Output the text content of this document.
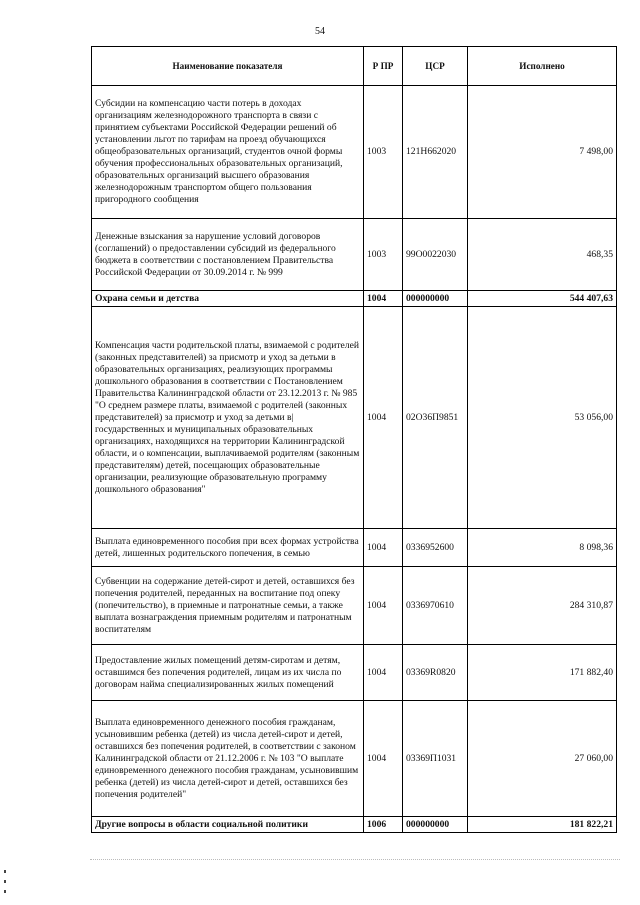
54
Наименование показателя	Р ПР	ЦСР	Исполнено
Субсидии на компенсацию части потерь в доходах организациям железнодорожного транспорта в связи с принятием субъектами Российской Федерации решений об установлении льгот по тарифам на проезд обучающихся общеобразовательных организаций, студентов очной формы обучения профессиональных образовательных организаций, образовательных организаций высшего образования железнодорожным транспортом общего пользования пригородного сообщения	1003	121Н662020	7 498,00
Денежные взыскания за нарушение условий договоров (соглашений) о предоставлении субсидий из федерального бюджета в соответствии с постановлением Правительства Российской Федерации от 30.09.2014 г. № 999	1003	99О0022030	468,35
Охрана семьи и детства	1004	000000000	544 407,63
Компенсация части родительской платы, взимаемой с родителей (законных представителей) за присмотр и уход за детьми в образовательных организациях, реализующих программы дошкольного образования в соответствии с Постановлением Правительства Калининградской области от 23.12.2013 г. № 985 "О среднем размере платы, взимаемой с родителей (законных представителей) за присмотр и уход за детьми в|государственных и муниципальных образовательных организациях, находящихся на территории Калининградской области, и о компенсации, выплачиваемой родителям (законным представителям) детей, посещающих образовательные организации, реализующие образовательную программу дошкольного образования"	1004	02О36П9851	53 056,00
Выплата единовременного пособия при всех формах устройства детей, лишенных родительского попечения, в семью	1004	0336952600	8 098,36
Субвенции на содержание детей-сирот и детей, оставшихся без попечения родителей, переданных на воспитание под опеку (попечительство), в приемные и патронатные семьи, а также выплата вознаграждения приемным родителям и патронатным воспитателям	1004	0336970610	284 310,87
Предоставление жилых помещений детям-сиротам и детям, оставшимся без попечения родителей, лицам из их числа по договорам найма специализированных жилых помещений	1004	03369R0820	171 882,40
Выплата единовременного денежного пособия гражданам, усыновившим ребенка (детей) из числа детей-сирот и детей, оставшихся без попечения родителей, в соответствии с законом Калининградской области от 21.12.2006 г. № 103 "О выплате единовременного денежного пособия гражданам, усыновившим ребенка (детей) из числа детей-сирот и детей, оставшихся без попечения родителей"	1004	03369П1031	27 060,00
Другие вопросы в области социальной политики	1006	000000000	181 822,21
